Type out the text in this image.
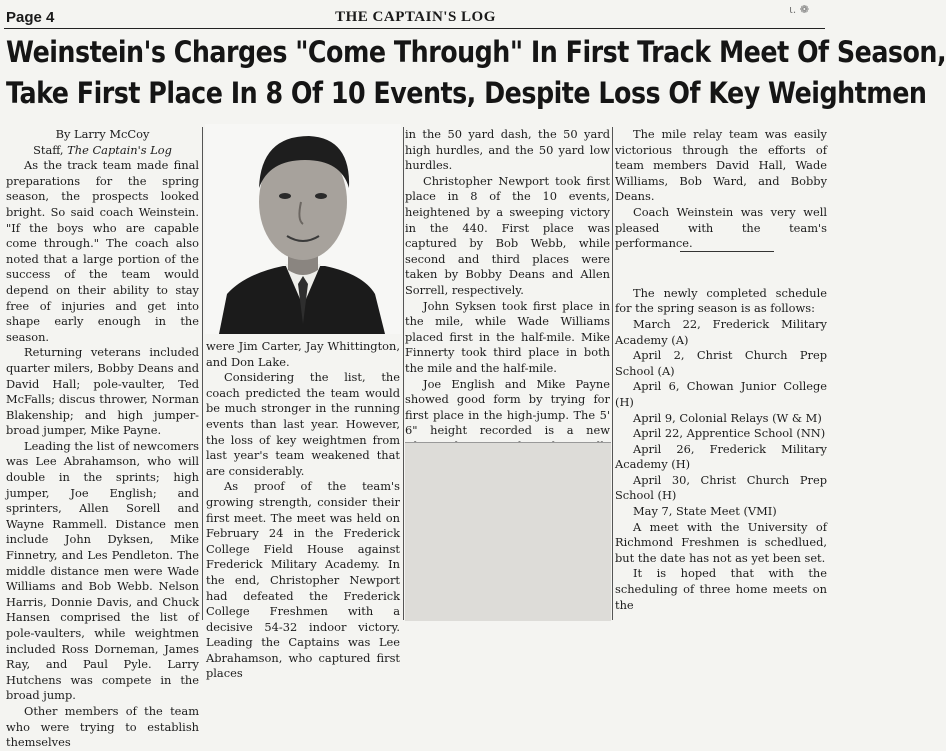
Page 4	THE CAPTAIN'S LOG	ι. ❁
Weinstein's Charges "Come Through" In First Track Meet Of Season,
Take First Place In 8 Of 10 Events, Despite Loss Of Key Weightmen

By Larry McCoy

Staff, The Captain's Log

As the track team made final preparations for the spring season, the prospects looked bright. So said coach Weinstein. "If the boys who are capable come through." The coach also noted that a large portion of the success of the team would depend on their ability to stay free of injuries and get into shape early enough in the season.

Returning veterans included quarter milers, Bobby Deans and David Hall; pole-vaulter, Ted McFalls; discus thrower, Norman Blakenship; and high jumper-broad jumper, Mike Payne.

Leading the list of newcomers was Lee Abrahamson, who will double in the sprints; high jumper, Joe English; and sprinters, Allen Sorell and Wayne Rammell. Distance men include John Dyksen, Mike Finnetry, and Les Pendleton. The middle distance men were Wade Williams and Bob Webb. Nelson Harris, Donnie Davis, and Chuck Hansen comprised the list of pole-vaulters, while weightmen included Ross Dorneman, James Ray, and Paul Pyle. Larry Hutchens was compete in the broad jump.

Other members of the team who were trying to establish themselves

were Jim Carter, Jay Whittington, and Don Lake.

Considering the list, the coach predicted the team would be much stronger in the running events than last year. However, the loss of key weightmen from last year's team weakened that are considerably.

As proof of the team's growing strength, consider their first meet. The meet was held on February 24 in the Frederick College Field House against Frederick Military Academy. In the end, Christopher Newport had defeated the Frederick College Freshmen with a decisive 54-32 indoor victory. Leading the Captains was Lee Abrahamson, who captured first places

in the 50 yard dash, the 50 yard high hurdles, and the 50 yard low hurdles.

Christopher Newport took first place in 8 of the 10 events, heightened by a sweeping victory in the 440. First place was captured by Bob Webb, while second and third places were taken by Bobby Deans and Allen Sorrell, respectively.

John Syksen took first place in the mile, while Wade Williams placed first in the half-mile. Mike Finnerty took third place in both the mile and the half-mile.

Joe English and Mike Payne showed good form by trying for first place in the high-jump. The 5' 6" height recorded is a new

The mile relay team was easily victorious through the efforts of team members David Hall, Wade Williams, Bob Ward, and Bobby Deans.

Coach Weinstein was very well pleased with the team's performance.

The newly completed schedule for the spring season is as follows:

March 22, Frederick Military Academy (A)

April 2, Christ Church Prep School (A)

April 6, Chowan Junior College (H)

April 9, Colonial Relays (W & M)

April 22, Apprentice School (NN)

April 26, Frederick Military Academy (H)

April 30, Christ Church Prep School (H)

May 7, State Meet (VMI)

A meet with the University of Richmond Freshmen is schedlued, but the date has not as yet been set.

It is hoped that with the scheduling of three home meets on the
